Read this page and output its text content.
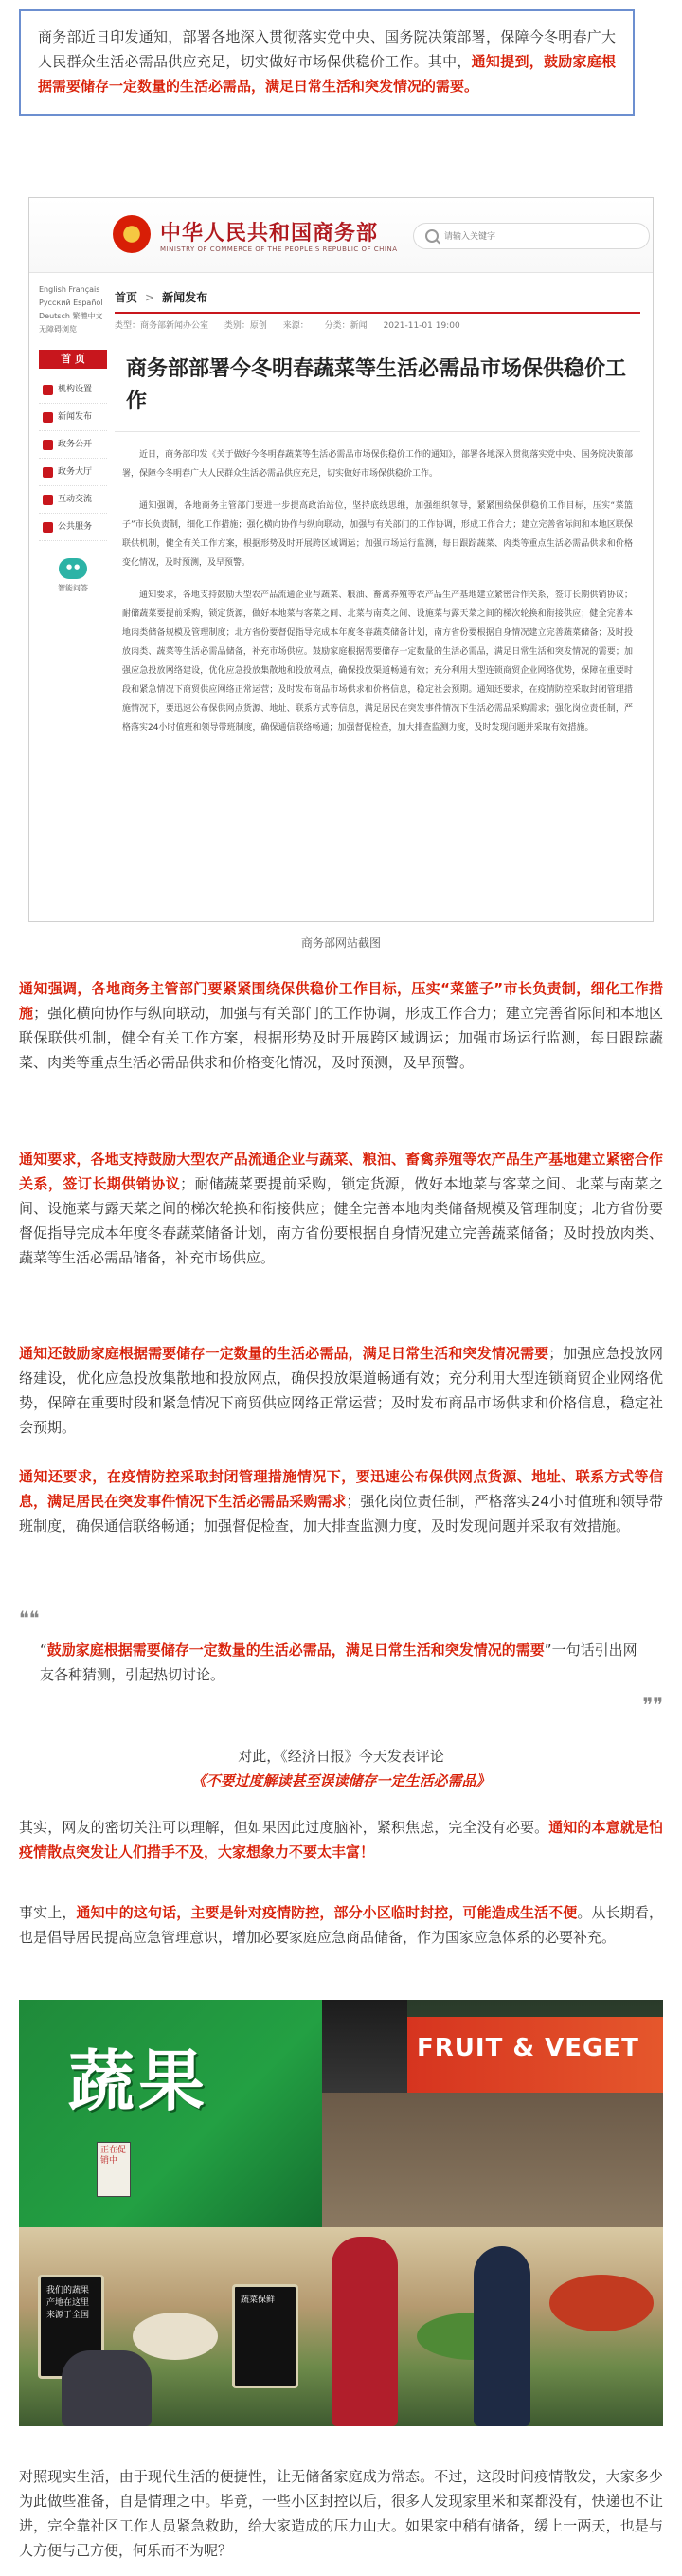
商务部近日印发通知，部署各地深入贯彻落实党中央、国务院决策部署，保障今冬明春广大人民群众生活必需品供应充足，切实做好市场保供稳价工作。其中，通知提到，鼓励家庭根据需要储存一定数量的生活必需品，满足日常生活和突发情况的需要。
中华人民共和国商务部
MINISTRY OF COMMERCE OF THE PEOPLE'S REPUBLIC OF CHINA
请输入关键字
English Français
Русский Español
Deutsch 繁體中文
无障碍浏览
首 页
机构设置
新闻发布
政务公开
政务大厅
互动交流
公共服务
●●
智能问答
首页 > 新闻发布
类型：商务部新闻办公室 类别：原创 来源： 分类：新闻 2021-11-01 19:00
商务部部署今冬明春蔬菜等生活必需品市场保供稳价工作

近日，商务部印发《关于做好今冬明春蔬菜等生活必需品市场保供稳价工作的通知》，部署各地深入贯彻落实党中央、国务院决策部署，保障今冬明春广大人民群众生活必需品供应充足，切实做好市场保供稳价工作。

通知强调，各地商务主管部门要进一步提高政治站位，坚持底线思维，加强组织领导，紧紧围绕保供稳价工作目标，压实“菜篮子”市长负责制，细化工作措施；强化横向协作与纵向联动，加强与有关部门的工作协调，形成工作合力；建立完善省际间和本地区联保联供机制，健全有关工作方案，根据形势及时开展跨区域调运；加强市场运行监测，每日跟踪蔬菜、肉类等重点生活必需品供求和价格变化情况，及时预测，及早预警。

通知要求，各地支持鼓励大型农产品流通企业与蔬菜、粮油、畜禽养殖等农产品生产基地建立紧密合作关系，签订长期供销协议；耐储蔬菜要提前采购，锁定货源，做好本地菜与客菜之间、北菜与南菜之间、设施菜与露天菜之间的梯次轮换和衔接供应；健全完善本地肉类储备规模及管理制度；北方省份要督促指导完成本年度冬春蔬菜储备计划，南方省份要根据自身情况建立完善蔬菜储备；及时投放肉类、蔬菜等生活必需品储备，补充市场供应。鼓励家庭根据需要储存一定数量的生活必需品，满足日常生活和突发情况的需要；加强应急投放网络建设，优化应急投放集散地和投放网点，确保投放渠道畅通有效；充分利用大型连锁商贸企业网络优势，保障在重要时段和紧急情况下商贸供应网络正常运营；及时发布商品市场供求和价格信息，稳定社会预期。通知还要求，在疫情防控采取封闭管理措施情况下，要迅速公布保供网点货源、地址、联系方式等信息，满足居民在突发事件情况下生活必需品采购需求；强化岗位责任制，严格落实24小时值班和领导带班制度，确保通信联络畅通；加强督促检查，加大排查监测力度，及时发现问题并采取有效措施。

商务部网站截图
通知强调，各地商务主管部门要紧紧围绕保供稳价工作目标，压实“菜篮子”市长负责制，细化工作措施；强化横向协作与纵向联动，加强与有关部门的工作协调，形成工作合力；建立完善省际间和本地区联保联供机制，健全有关工作方案，根据形势及时开展跨区域调运；加强市场运行监测，每日跟踪蔬菜、肉类等重点生活必需品供求和价格变化情况，及时预测，及早预警。
通知要求，各地支持鼓励大型农产品流通企业与蔬菜、粮油、畜禽养殖等农产品生产基地建立紧密合作关系，签订长期供销协议；耐储蔬菜要提前采购，锁定货源，做好本地菜与客菜之间、北菜与南菜之间、设施菜与露天菜之间的梯次轮换和衔接供应；健全完善本地肉类储备规模及管理制度；北方省份要督促指导完成本年度冬春蔬菜储备计划，南方省份要根据自身情况建立完善蔬菜储备；及时投放肉类、蔬菜等生活必需品储备，补充市场供应。
通知还鼓励家庭根据需要储存一定数量的生活必需品，满足日常生活和突发情况需要；加强应急投放网络建设，优化应急投放集散地和投放网点，确保投放渠道畅通有效；充分利用大型连锁商贸企业网络优势，保障在重要时段和紧急情况下商贸供应网络正常运营；及时发布商品市场供求和价格信息，稳定社会预期。
通知还要求，在疫情防控采取封闭管理措施情况下，要迅速公布保供网点货源、地址、联系方式等信息，满足居民在突发事件情况下生活必需品采购需求；强化岗位责任制，严格落实24小时值班和领导带班制度，确保通信联络畅通；加强督促检查，加大排查监测力度，及时发现问题并采取有效措施。
❝❝
“鼓励家庭根据需要储存一定数量的生活必需品，满足日常生活和突发情况的需要”一句话引出网友各种猜测，引起热切讨论。
❞❞
对此，《经济日报》今天发表评论
《不要过度解读甚至误读储存一定生活必需品》
其实，网友的密切关注可以理解，但如果因此过度脑补，紧积焦虑，完全没有必要。通知的本意就是怕疫情散点突发让人们措手不及，大家想象力不要太丰富！
事实上，通知中的这句话，主要是针对疫情防控，部分小区临时封控，可能造成生活不便。从长期看，也是倡导居民提高应急管理意识，增加必要家庭应急商品储备，作为国家应急体系的必要补充。
蔬果	FRUIT & VEGET
正在促销中
我们的蔬果产地在这里来源于全国
蔬菜保鲜
对照现实生活，由于现代生活的便捷性，让无储备家庭成为常态。不过，这段时间疫情散发，大家多少为此做些准备，自是情理之中。毕竟，一些小区封控以后，很多人发现家里米和菜都没有，快递也不让进，完全靠社区工作人员紧急救助，给大家造成的压力山大。如果家中稍有储备，缓上一两天，也是与人方便与己方便，何乐而不为呢？
